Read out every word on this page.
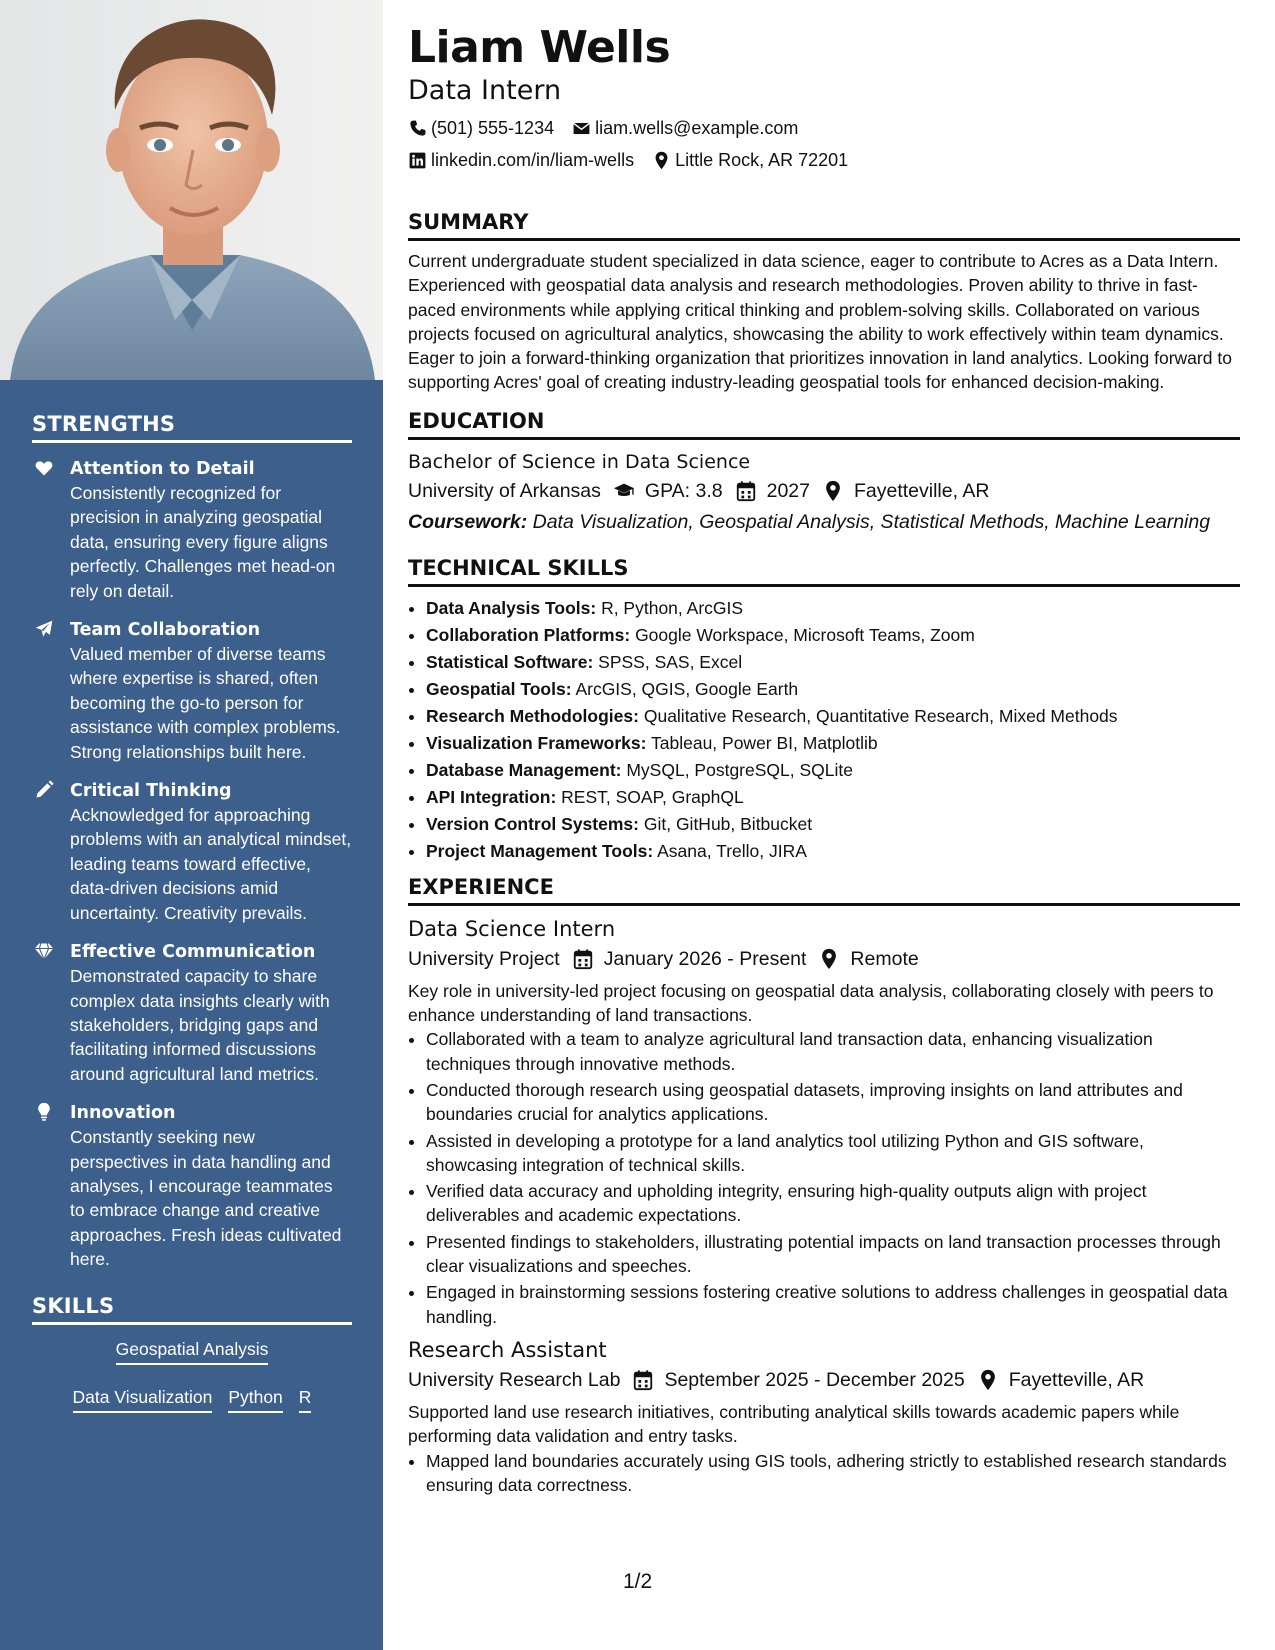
STRENGTHS
Attention to Detail
Consistently recognized for precision in analyzing geospatial data, ensuring every figure aligns perfectly. Challenges met head-on rely on detail.
Team Collaboration
Valued member of diverse teams where expertise is shared, often becoming the go-to person for assistance with complex problems. Strong relationships built here.
Critical Thinking
Acknowledged for approaching problems with an analytical mindset, leading teams toward effective, data-driven decisions amid uncertainty. Creativity prevails.
Effective Communication
Demonstrated capacity to share complex data insights clearly with stakeholders, bridging gaps and facilitating informed discussions around agricultural land metrics.
Innovation
Constantly seeking new perspectives in data handling and analyses, I encourage teammates to embrace change and creative approaches. Fresh ideas cultivated here.
SKILLS
Geospatial Analysis
Data Visualization Python R
Liam Wells
Data Intern
(501) 555-1234 liam.wells@example.com
linkedin.com/in/liam-wells Little Rock, AR 72201
SUMMARY
Current undergraduate student specialized in data science, eager to contribute to Acres as a Data Intern. Experienced with geospatial data analysis and research methodologies. Proven ability to thrive in fast-paced environments while applying critical thinking and problem-solving skills. Collaborated on various projects focused on agricultural analytics, showcasing the ability to work effectively within team dynamics. Eager to join a forward-thinking organization that prioritizes innovation in land analytics. Looking forward to supporting Acres' goal of creating industry-leading geospatial tools for enhanced decision-making.
EDUCATION
Bachelor of Science in Data Science
University of Arkansas GPA: 3.8 2027 Fayetteville, AR
Coursework: Data Visualization, Geospatial Analysis, Statistical Methods, Machine Learning
TECHNICAL SKILLS
• Data Analysis Tools: R, Python, ArcGIS
• Collaboration Platforms: Google Workspace, Microsoft Teams, Zoom
• Statistical Software: SPSS, SAS, Excel
• Geospatial Tools: ArcGIS, QGIS, Google Earth
• Research Methodologies: Qualitative Research, Quantitative Research, Mixed Methods
• Visualization Frameworks: Tableau, Power BI, Matplotlib
• Database Management: MySQL, PostgreSQL, SQLite
• API Integration: REST, SOAP, GraphQL
• Version Control Systems: Git, GitHub, Bitbucket
• Project Management Tools: Asana, Trello, JIRA
EXPERIENCE
Data Science Intern
University Project January 2026 - Present Remote
Key role in university-led project focusing on geospatial data analysis, collaborating closely with peers to enhance understanding of land transactions.
• Collaborated with a team to analyze agricultural land transaction data, enhancing visualization techniques through innovative methods.
• Conducted thorough research using geospatial datasets, improving insights on land attributes and boundaries crucial for analytics applications.
• Assisted in developing a prototype for a land analytics tool utilizing Python and GIS software, showcasing integration of technical skills.
• Verified data accuracy and upholding integrity, ensuring high-quality outputs align with project deliverables and academic expectations.
• Presented findings to stakeholders, illustrating potential impacts on land transaction processes through clear visualizations and speeches.
• Engaged in brainstorming sessions fostering creative solutions to address challenges in geospatial data handling.
Research Assistant
University Research Lab September 2025 - December 2025 Fayetteville, AR
Supported land use research initiatives, contributing analytical skills towards academic papers while performing data validation and entry tasks.
• Mapped land boundaries accurately using GIS tools, adhering strictly to established research standards ensuring data correctness.
1/2
